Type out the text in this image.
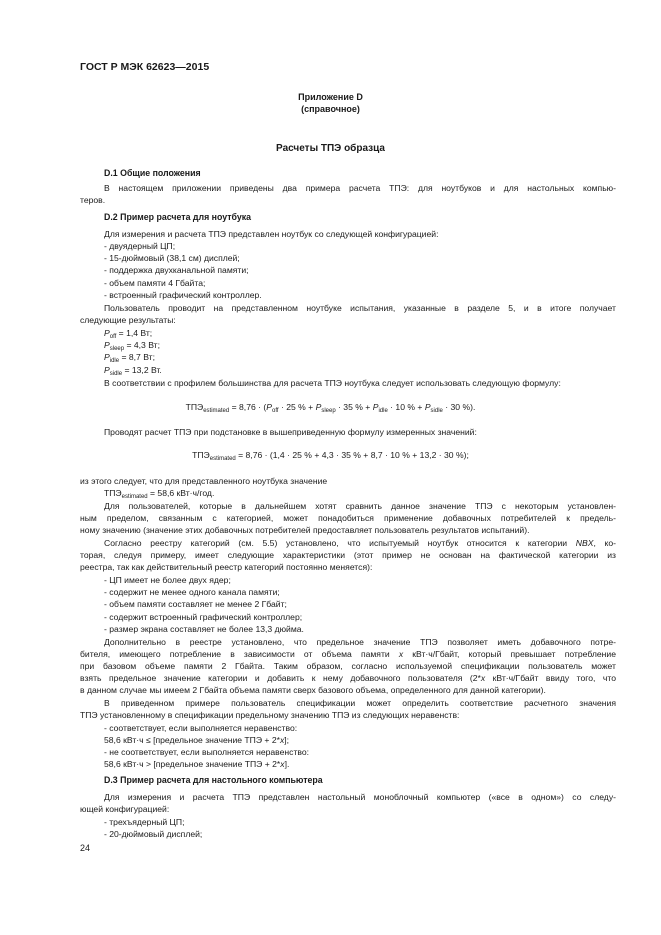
ГОСТ Р МЭК 62623—2015
Приложение D
(справочное)
Расчеты ТПЭ образца
D.1 Общие положения
В настоящем приложении приведены два примера расчета ТПЭ: для ноутбуков и для настольных компью-
теров.
D.2 Пример расчета для ноутбука
Для измерения и расчета ТПЭ представлен ноутбук со следующей конфигурацией:
- двуядерный ЦП;
- 15-дюймовый (38,1 см) дисплей;
- поддержка двухканальной памяти;
- объем памяти 4 Гбайта;
- встроенный графический контроллер.
Пользователь проводит на представленном ноутбуке испытания, указанные в разделе 5, и в итоге получает
следующие результаты:
$P_{off} = 1,4$ Вт;
$P_{sleep} = 4,3$ Вт;
$P_{idle} = 8,7$ Вт;
$P_{sidle} = 13,2$ Вт.
В соответствии с профилем большинства для расчета ТПЭ ноутбука следует использовать следующую формулу:
$ТПЭ_{estimated} = 8,76 \cdot (P_{off} \cdot 25$ % + $P_{sleep} \cdot 35$ % + $P_{idle} \cdot 10$ % + $P_{sidle} \cdot 30$ %).
Проводят расчет ТПЭ при подстановке в вышеприведенную формулу измеренных значений:
$ТПЭ_{estimated} = 8,76 \cdot (1,4 \cdot 25$ % + 4,3 · 35 % + 8,7 · 10 % + 13,2 · 30 %);
из этого следует, что для представленного ноутбука значение
$ТПЭ_{estimated} = 58,6$ кВт·ч/год.
Для пользователей, которые в дальнейшем хотят сравнить данное значение ТПЭ с некоторым установлен-
ным пределом, связанным с категорией, может понадобиться применение добавочных потребителей к предель-
ному значению (значение этих добавочных потребителей предоставляет пользователь результатов испытаний).
Согласно реестру категорий (см. 5.5) установлено, что испытуемый ноутбук относится к категории NBX, ко-
торая, следуя примеру, имеет следующие характеристики (этот пример не основан на фактической категории из
реестра, так как действительный реестр категорий постоянно меняется):
- ЦП имеет не более двух ядер;
- содержит не менее одного канала памяти;
- объем памяти составляет не менее 2 Гбайт;
- содержит встроенный графический контроллер;
- размер экрана составляет не более 13,3 дюйма.
Дополнительно в реестре установлено, что предельное значение ТПЭ позволяет иметь добавочного потре-
бителя, имеющего потребление в зависимости от объема памяти x кВт·ч/Гбайт, который превышает потребление
при базовом объеме памяти 2 Гбайта. Таким образом, согласно используемой спецификации пользователь может
взять предельное значение категории и добавить к нему добавочного пользователя (2*x кВт·ч/Гбайт ввиду того, что
в данном случае мы имеем 2 Гбайта объема памяти сверх базового объема, определенного для данной категории).
В приведенном примере пользователь спецификации может определить соответствие расчетного значения
ТПЭ установленному в спецификации предельному значению ТПЭ из следующих неравенств:
- соответствует, если выполняется неравенство:
58,6 кВт·ч ≤ [предельное значение ТПЭ + 2*x];
- не соответствует, если выполняется неравенство:
58,6 кВт·ч > [предельное значение ТПЭ + 2*x].
D.3 Пример расчета для настольного компьютера
Для измерения и расчета ТПЭ представлен настольный моноблочный компьютер («все в одном») со следу-
ющей конфигурацией:
- трехъядерный ЦП;
- 20-дюймовый дисплей;
24
